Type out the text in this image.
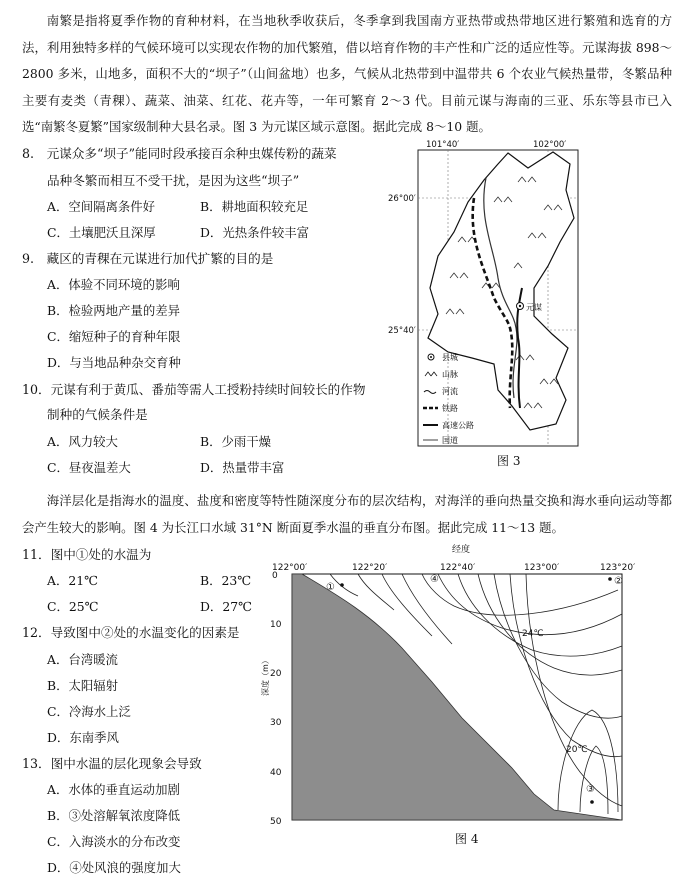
南繁是指将夏季作物的育种材料，在当地秋季收获后，冬季拿到我国南方亚热带或热带地区进行繁殖和选育的方法，利用独特多样的气候环境可以实现农作物的加代繁殖，借以培育作物的丰产性和广泛的适应性等。元谋海拔 898～2800 多米，山地多，面积不大的“坝子”（山间盆地）也多，气候从北热带到中温带共 6 个农业气候热量带，冬繁品种主要有麦类（青稞）、蔬菜、油菜、红花、花卉等，一年可繁育 2～3 代。目前元谋与海南的三亚、乐东等县市已入选“南繁冬夏繁”国家级制种大县名录。图 3 为元谋区域示意图。据此完成 8～10 题。
8.　元谋众多“坝子”能同时段承接百余种虫媒传粉的蔬菜
品种冬繁而相互不受干扰，是因为这些“坝子”
A．空间隔离条件好	B．耕地面积较充足
C．土壤肥沃且深厚	D．光热条件较丰富
9.　藏区的青稞在元谋进行加代扩繁的目的是
A．体验不同环境的影响
B．检验两地产量的差异
C．缩短种子的育种年限
D．与当地品种杂交育种
10．元谋有利于黄瓜、番茄等需人工授粉持续时间较长的作物
制种的气候条件是
A．风力较大	B．少雨干燥
C．昼夜温差大	D．热量带丰富
元谋
101°40′	102°00′
26°00′
25°40′
县城
山脉
河流
铁路
高速公路
国道
图 3
海洋层化是指海水的温度、盐度和密度等特性随深度分布的层次结构，对海洋的垂向热量交换和海水垂向运动等都会产生较大的影响。图 4 为长江口水域 31°N 断面夏季水温的垂直分布图。据此完成 11～13 题。
11．图中①处的水温为
A．21℃	B．23℃
C．25℃	D．27℃
12．导致图中②处的水温变化的因素是
A．台湾暖流
B．太阳辐射
C．冷海水上泛
D．东南季风
13．图中水温的层化现象会导致
A．水体的垂直运动加剧
B．③处溶解氧浓度降低
C．入海淡水的分布改变
D．④处风浪的强度加大
经度
122°00′	122°20′	122°40′	123°00′	123°20′
24℃
20℃
0
10
20
30
40
50
深度（m）
①
④	②
③
图 4
